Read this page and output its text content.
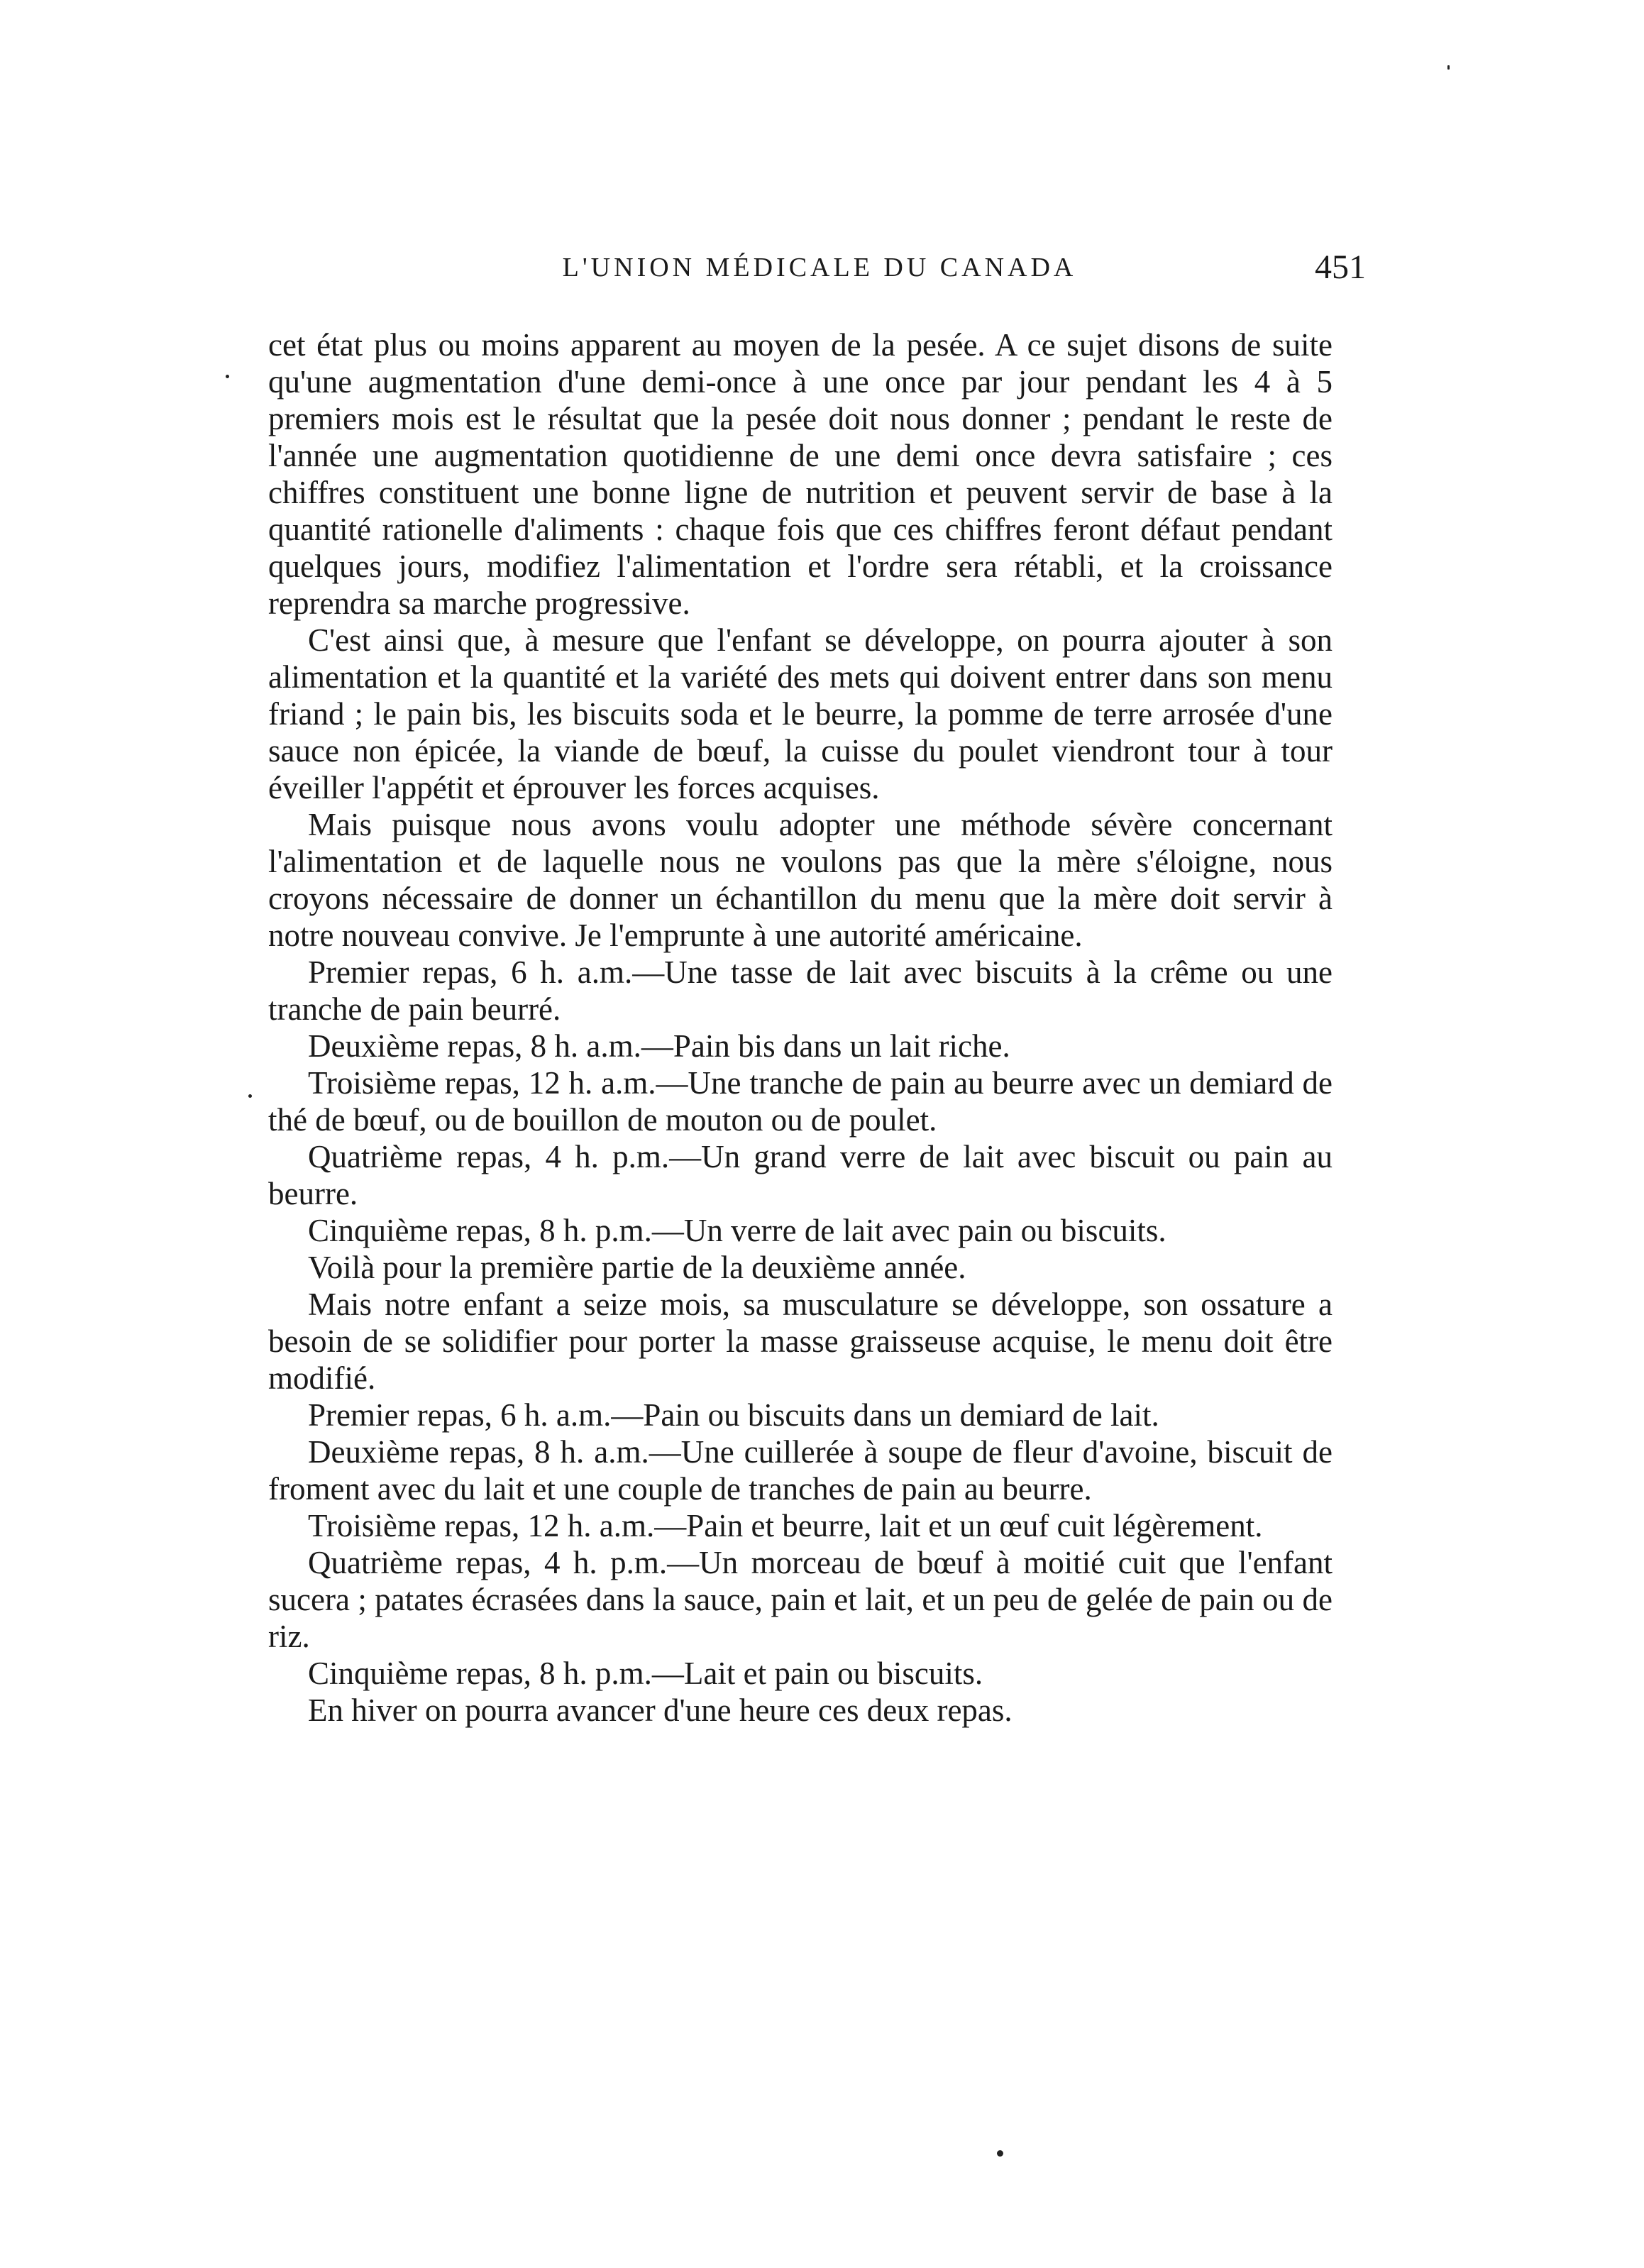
L'UNION MÉDICALE DU CANADA	451

cet état plus ou moins apparent au moyen de la pesée. A ce sujet disons de suite qu'une augmentation d'une demi-once à une once par jour pendant les 4 à 5 premiers mois est le résultat que la pesée doit nous donner ; pendant le reste de l'année une augmentation quotidienne de une demi once devra satisfaire ; ces chiffres constituent une bonne ligne de nutrition et peuvent servir de base à la quantité rationelle d'aliments : chaque fois que ces chiffres feront défaut pendant quelques jours, modifiez l'alimentation et l'ordre sera rétabli, et la croissance reprendra sa marche progressive.

C'est ainsi que, à mesure que l'enfant se développe, on pourra ajouter à son alimentation et la quantité et la variété des mets qui doivent entrer dans son menu friand ; le pain bis, les biscuits soda et le beurre, la pomme de terre arrosée d'une sauce non épicée, la viande de bœuf, la cuisse du poulet viendront tour à tour éveiller l'appétit et éprouver les forces acquises.

Mais puisque nous avons voulu adopter une méthode sévère concernant l'alimentation et de laquelle nous ne voulons pas que la mère s'éloigne, nous croyons nécessaire de donner un échantillon du menu que la mère doit servir à notre nouveau convive. Je l'emprunte à une autorité américaine.

Premier repas, 6 h. a.m.—Une tasse de lait avec biscuits à la crême ou une tranche de pain beurré.

Deuxième repas, 8 h. a.m.—Pain bis dans un lait riche.

Troisième repas, 12 h. a.m.—Une tranche de pain au beurre avec un demiard de thé de bœuf, ou de bouillon de mouton ou de poulet.

Quatrième repas, 4 h. p.m.—Un grand verre de lait avec biscuit ou pain au beurre.

Cinquième repas, 8 h. p.m.—Un verre de lait avec pain ou biscuits.

Voilà pour la première partie de la deuxième année.

Mais notre enfant a seize mois, sa musculature se développe, son ossature a besoin de se solidifier pour porter la masse graisseuse acquise, le menu doit être modifié.

Premier repas, 6 h. a.m.—Pain ou biscuits dans un demiard de lait.

Deuxième repas, 8 h. a.m.—Une cuillerée à soupe de fleur d'avoine, biscuit de froment avec du lait et une couple de tranches de pain au beurre.

Troisième repas, 12 h. a.m.—Pain et beurre, lait et un œuf cuit légèrement.

Quatrième repas, 4 h. p.m.—Un morceau de bœuf à moitié cuit que l'enfant sucera ; patates écrasées dans la sauce, pain et lait, et un peu de gelée de pain ou de riz.

Cinquième repas, 8 h. p.m.—Lait et pain ou biscuits.

En hiver on pourra avancer d'une heure ces deux repas.
